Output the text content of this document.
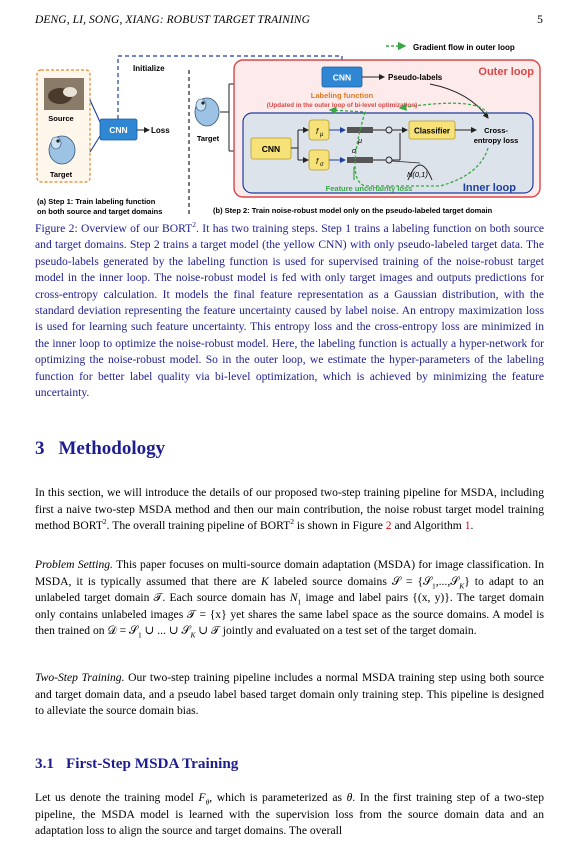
DENG, LI, SONG, XIANG: ROBUST TARGET TRAINING	5
Gradient flow in outer loop
Source
Target
CNN	Loss
Initialize
Target
Outer loop
CNN	Pseudo-labels
Labeling function
(Updated in the outer loop of bi-level optimization)
Inner loop
CNN
f μ
f σ
μ
σ
N(0,1)
Classifier	Cross-
entropy loss
Feature uncertainty loss
(a) Step 1: Train labeling function
on both source and target domains	(b) Step 2: Train noise-robust model only on the pseudo-labeled target domain
Figure 2: Overview of our BORT$^2$. It has two training steps. Step 1 trains a labeling function on both source and target domains. Step 2 trains a target model (the yellow CNN) with only pseudo-labeled target data. The pseudo-labels generated by the labeling function is used for supervised training of the noise-robust target model in the inner loop. The noise-robust model is fed with only target images and outputs predictions for cross-entropy calculation. It models the final feature representation as a Gaussian distribution, with the standard deviation representing the feature uncertainty caused by label noise. An entropy maximization loss is used for learning such feature uncertainty. This entropy loss and the cross-entropy loss are minimized in the inner loop to optimize the noise-robust model. Here, the labeling function is actually a hyper-network for optimizing the noise-robust model. So in the outer loop, we estimate the hyper-parameters of the labeling function for better label quality via bi-level optimization, which is achieved by minimizing the feature uncertainty.
3 Methodology
In this section, we will introduce the details of our proposed two-step training pipeline for MSDA, including first a naive two-step MSDA method and then our main contribution, the noise robust target model training method BORT$^2$. The overall training pipeline of BORT$^2$ is shown in Figure 2 and Algorithm 1.
Problem Setting. This paper focuses on multi-source domain adaptation (MSDA) for image classification. In MSDA, it is typically assumed that there are K labeled source domains 𝒮 = {𝒮$_1$,...,𝒮$_K$} to adapt to an unlabeled target domain 𝒯. Each source domain has $N_1$ image and label pairs {(x, y)}. The target domain only contains unlabeled images 𝒯 = {x} yet shares the same label space as the source domains. A model is then trained on 𝒟 = 𝒮$_1$ ∪ ... ∪ 𝒮$_K$ ∪ 𝒯 jointly and evaluated on a test set of the target domain.
Two-Step Training. Our two-step training pipeline includes a normal MSDA training step using both source and target domain data, and a pseudo label based target domain only training step. This pipeline is designed to alleviate the source domain bias.
3.1 First-Step MSDA Training
Let us denote the training model $F_\theta$, which is parameterized as θ. In the first training step of a two-step pipeline, the MSDA model is learned with the supervision loss from the source domain data and an adaptation loss to align the source and target domains. The overall
